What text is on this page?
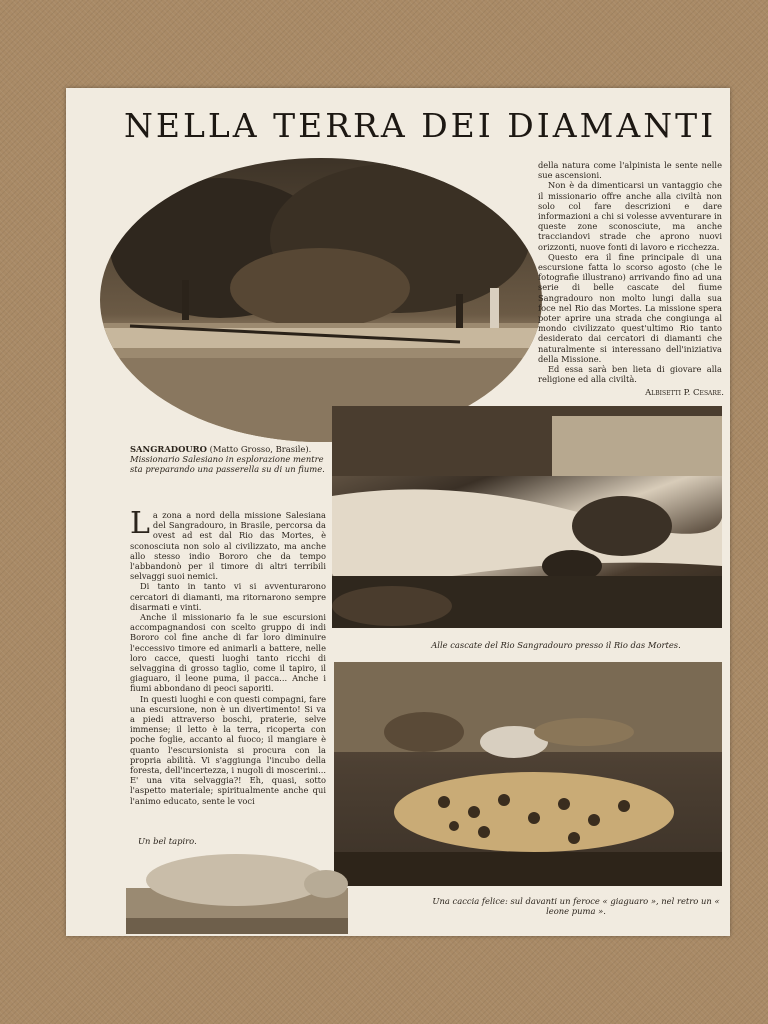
NELLA TERRA DEI DIAMANTI

della natura come l'alpinista le sente nelle sue ascensioni.

Non è da dimenticarsi un vantaggio che il missionario offre anche alla civiltà non solo col fare descrizioni e dare informazioni a chi si volesse avventurare in queste zone sconosciute, ma anche tracciandovi strade che aprono nuovi orizzonti, nuove fonti di lavoro e ricchezza.

Questo era il fine principale di una escursione fatta lo scorso agosto (che le fotografie illustrano) arrivando fino ad una serie di belle cascate del fiume Sangradouro non molto lungi dalla sua foce nel Rio das Mortes. La missione spera poter aprire una strada che congiunga al mondo civilizzato quest'ultimo Rio tanto desiderato dai cercatori di diamanti che naturalmente si interessano dell'iniziativa della Missione.

Ed essa sarà ben lieta di giovare alla religione ed alla civiltà.

Albisetti P. Cesare.
SANGRADOURO (Matto Grosso, Brasile). Missionario Salesiano in esplorazione mentre sta preparando una passerella su di un fiume.
Alle cascate del Rio Sangradouro presso il Rio das Mortes.

La zona a nord della missione Salesiana del Sangradouro, in Brasile, percorsa da ovest ad est dal Rio das Mortes, è sconosciuta non solo al civilizzato, ma anche allo stesso indio Bororo che da tempo l'abbandonò per il timore di altri terribili selvaggi suoi nemici.

Di tanto in tanto vi si avventurarono cercatori di diamanti, ma ritornarono sempre disarmati e vinti.

Anche il missionario fa le sue escursioni accompagnandosi con scelto gruppo di indi Bororo col fine anche di far loro diminuire l'eccessivo timore ed animarli a battere, nelle loro cacce, questi luoghi tanto ricchi di selvaggina di grosso taglio, come il tapiro, il giaguaro, il leone puma, il pacca... Anche i fiumi abbondano di peoci saporiti.

In questi luoghi e con questi compagni, fare una escursione, non è un divertimento! Si va a piedi attraverso boschi, praterie, selve immense; il letto è la terra, ricoperta con poche foglie, accanto al fuoco; il mangiare è quanto l'escursionista si procura con la propria abilità. Vi s'aggiunga l'incubo della foresta, dell'incertezza, i nugoli di moscerini... E' una vita selvaggia?! Eh, quasi, sotto l'aspetto materiale; spiritualmente anche qui l'animo educato, sente le voci

Un bel tapiro.
Una caccia felice: sul davanti un feroce « giaguaro », nel retro un « leone puma ».
